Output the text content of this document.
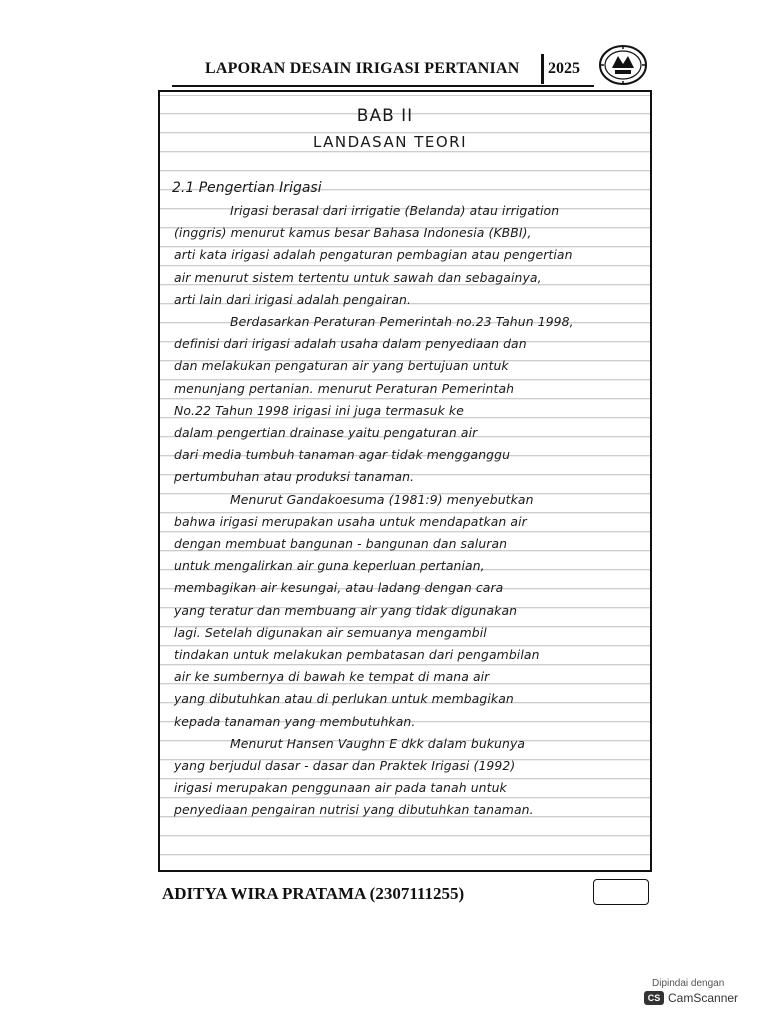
LAPORAN DESAIN IRIGASI PERTANIAN 2025
BAB II
LANDASAN TEORI
2.1 Pengertian Irigasi
Irigasi berasal dari irrigatie (Belanda) atau irrigation
(inggris) menurut kamus besar Bahasa Indonesia (KBBI),
arti kata irigasi adalah pengaturan pembagian atau pengertian
air menurut sistem tertentu untuk sawah dan sebagainya,
arti lain dari irigasi adalah pengairan.
Berdasarkan Peraturan Pemerintah no.23 Tahun 1998,
definisi dari irigasi adalah usaha dalam penyediaan dan
dan melakukan pengaturan air yang bertujuan untuk
menunjang pertanian. menurut Peraturan Pemerintah
No.22 Tahun 1998 irigasi ini juga termasuk ke
dalam pengertian drainase yaitu pengaturan air
dari media tumbuh tanaman agar tidak mengganggu
pertumbuhan atau produksi tanaman.
Menurut Gandakoesuma (1981:9) menyebutkan
bahwa irigasi merupakan usaha untuk mendapatkan air
dengan membuat bangunan - bangunan dan saluran
untuk mengalirkan air guna keperluan pertanian,
membagikan air kesungai, atau ladang dengan cara
yang teratur dan membuang air yang tidak digunakan
lagi. Setelah digunakan air semuanya mengambil
tindakan untuk melakukan pembatasan dari pengambilan
air ke sumbernya di bawah ke tempat di mana air
yang dibutuhkan atau di perlukan untuk membagikan
kepada tanaman yang membutuhkan.
Menurut Hansen Vaughn E dkk dalam bukunya
yang berjudul dasar - dasar dan Praktek Irigasi (1992)
irigasi merupakan penggunaan air pada tanah untuk
penyediaan pengairan nutrisi yang dibutuhkan tanaman.
ADITYA WIRA PRATAMA (2307111255)
Dipindai dengan
CS CamScanner
